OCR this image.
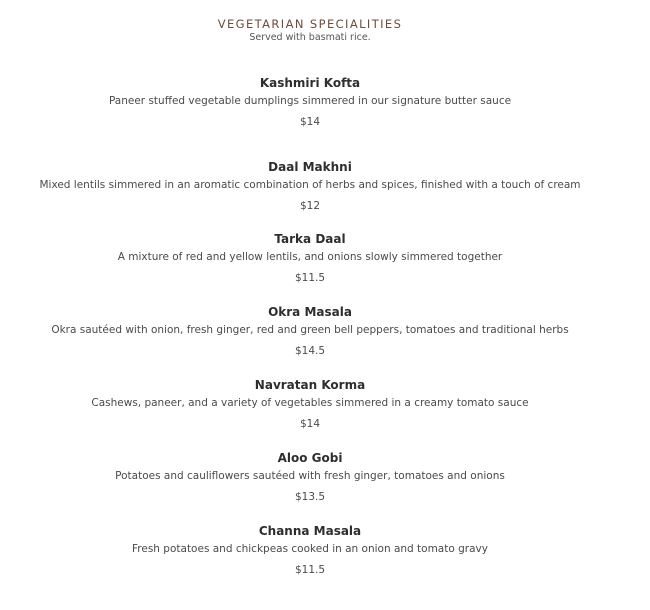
VEGETARIAN SPECIALITIES
Served with basmati rice.
Kashmiri Kofta
Paneer stuffed vegetable dumplings simmered in our signature butter sauce
$14
Daal Makhni
Mixed lentils simmered in an aromatic combination of herbs and spices, finished with a touch of cream
$12
Tarka Daal
A mixture of red and yellow lentils, and onions slowly simmered together
$11.5
Okra Masala
Okra sautéed with onion, fresh ginger, red and green bell peppers, tomatoes and traditional herbs
$14.5
Navratan Korma
Cashews, paneer, and a variety of vegetables simmered in a creamy tomato sauce
$14
Aloo Gobi
Potatoes and cauliflowers sautéed with fresh ginger, tomatoes and onions
$13.5
Channa Masala
Fresh potatoes and chickpeas cooked in an onion and tomato gravy
$11.5
